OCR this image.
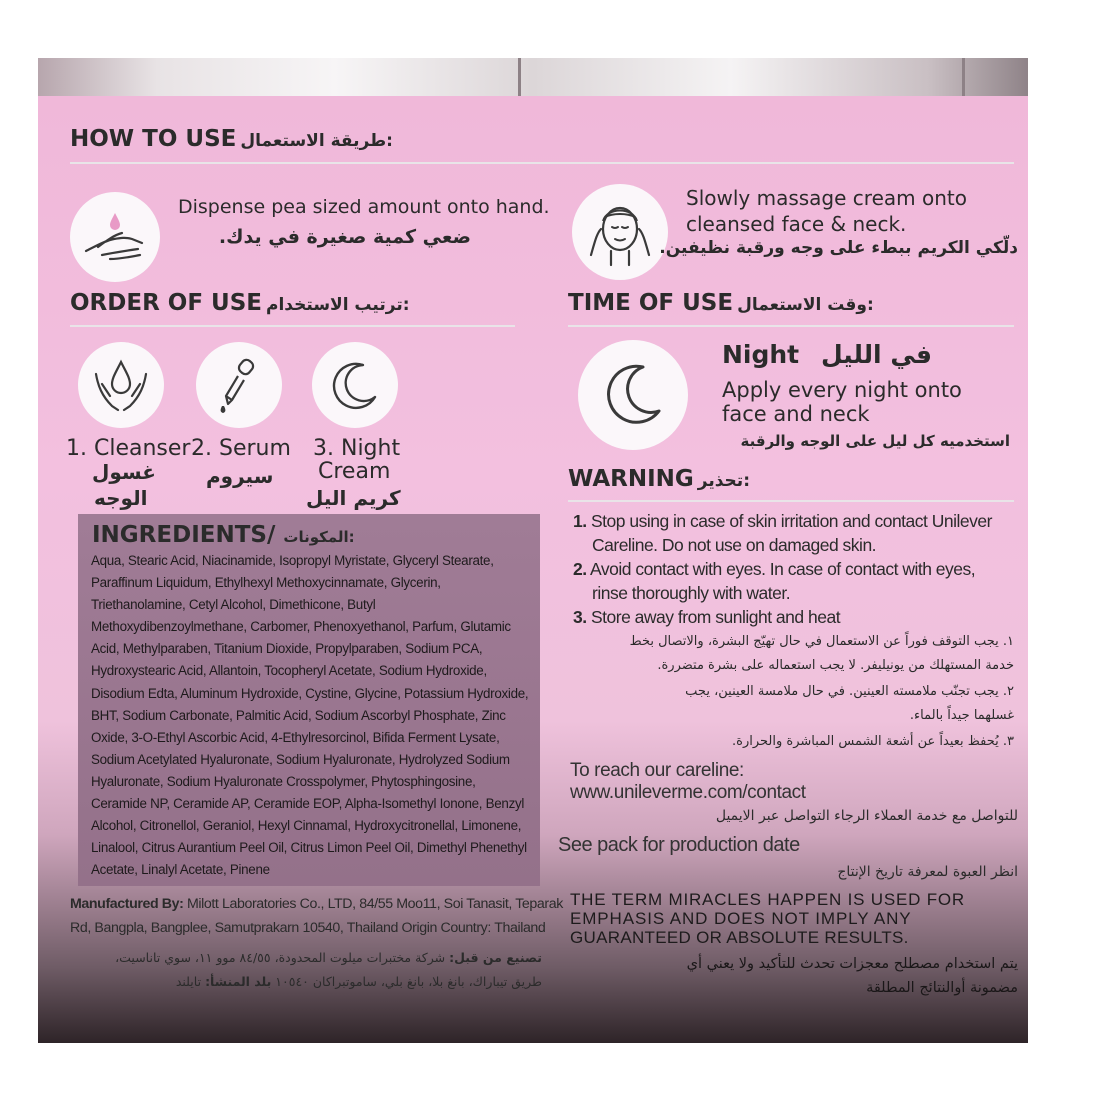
HOW TO USE طريقة الاستعمال:
Dispense pea sized amount onto hand.
ضعي كمية صغيرة في يدك.
Slowly massage cream onto
cleansed face & neck.
دلّكي الكريم ببطء على وجه ورقبة نظيفين.
ORDER OF USE ترتيب الاستخدام:
1. Cleanser
غسول
الوجه
2. Serum
سيروم
3. Night
Cream
كريم اليل
TIME OF USE وقت الاستعمال:
Night في الليل
Apply every night onto
face and neck
استخدميه كل ليل على الوجه والرقبة
INGREDIENTS/ المكونات:
Aqua, Stearic Acid, Niacinamide, Isopropyl Myristate, Glyceryl Stearate, Paraffinum Liquidum, Ethylhexyl Methoxycinnamate, Glycerin, Triethanolamine, Cetyl Alcohol, Dimethicone, Butyl Methoxydibenzoylmethane, Carbomer, Phenoxyethanol, Parfum, Glutamic Acid, Methylparaben, Titanium Dioxide, Propylparaben, Sodium PCA, Hydroxystearic Acid, Allantoin, Tocopheryl Acetate, Sodium Hydroxide, Disodium Edta, Aluminum Hydroxide, Cystine, Glycine, Potassium Hydroxide, BHT, Sodium Carbonate, Palmitic Acid, Sodium Ascorbyl Phosphate, Zinc Oxide, 3-O-Ethyl Ascorbic Acid, 4-Ethylresorcinol, Bifida Ferment Lysate, Sodium Acetylated Hyaluronate, Sodium Hyaluronate, Hydrolyzed Sodium Hyaluronate, Sodium Hyaluronate Crosspolymer, Phytosphingosine, Ceramide NP, Ceramide AP, Ceramide EOP, Alpha-Isomethyl Ionone, Benzyl Alcohol, Citronellol, Geraniol, Hexyl Cinnamal, Hydroxycitronellal, Limonene, Linalool, Citrus Aurantium Peel Oil, Citrus Limon Peel Oil, Dimethyl Phenethyl Acetate, Linalyl Acetate, Pinene
Manufactured By: Milott Laboratories Co., LTD, 84/55 Moo11, Soi Tanasit, Teparak
Rd, Bangpla, Bangplee, Samutprakarn 10540, Thailand Origin Country: Thailand
تصنيع من قبل: شركة مختبرات ميلوت المحدودة، ٨٤/٥٥ موو ١١، سوي تاناسيت،
طريق تيباراك، بانغ بلا، بانغ بلي، ساموتبراكان ١٠٥٤٠ بلد المنشأ: تايلند
WARNING تحذير:
1. Stop using in case of skin irritation and contact Unilever
Careline. Do not use on damaged skin.
2. Avoid contact with eyes. In case of contact with eyes,
rinse thoroughly with water.
3. Store away from sunlight and heat
١. يجب التوقف فوراً عن الاستعمال في حال تهيّج البشرة، والاتصال بخط
خدمة المستهلك من يونيليفر. لا يجب استعماله على بشرة متضررة.
٢. يجب تجنّب ملامسته العينين. في حال ملامسة العينين، يجب
غسلهما جيداً بالماء.
٣. يُحفظ بعيداً عن أشعة الشمس المباشرة والحرارة.
To reach our careline:
www.unileverme.com/contact
للتواصل مع خدمة العملاء الرجاء التواصل عبر الايميل
See pack for production date
انظر العبوة لمعرفة تاريخ الإنتاج
THE TERM MIRACLES HAPPEN IS USED FOR
EMPHASIS AND DOES NOT IMPLY ANY
GUARANTEED OR ABSOLUTE RESULTS.
يتم استخدام مصطلح معجزات تحدث للتأكيد ولا يعني أي
مضمونة أوالنتائج المطلقة
